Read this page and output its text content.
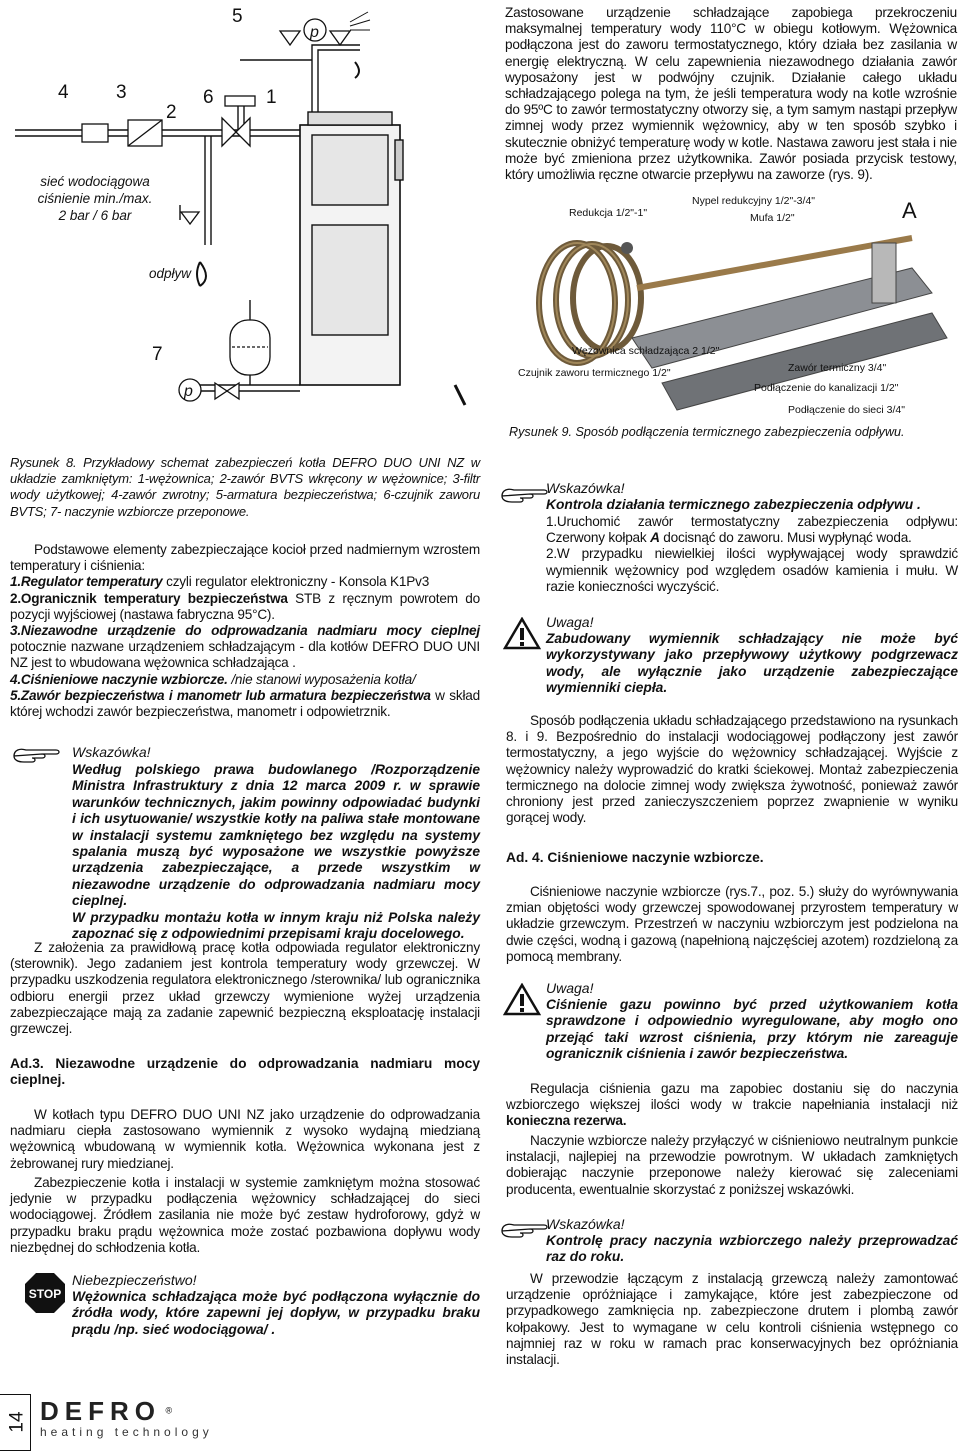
5
p
4 3
2
6	1
7
p
sieć wodociągowa
ciśnienie min./max.
2 bar / 6 bar
odpływ

Zastosowane urządzenie schładzające zapobiega przekroczeniu maksymalnej temperatury wody 110°C w obiegu kotłowym. Wężownica podłączona jest do zaworu termostatycznego, który działa bez zasilania w energię elektryczną. W celu zapewnienia niezawodnego działania zawór wyposażony jest w podwójny czujnik. Działanie całego układu schładzającego polega na tym, że jeśli temperatura wody na kotle wzrośnie do 95ºC to zawór termostatyczny otworzy się, a tym samym nastąpi przepływ zimnej wody przez wymiennik wężownicy, aby w ten sposób szybko i skutecznie obniżyć temperaturę wody w kotle. Nastawa zaworu jest stała i nie może być zmieniona przez użytkownika. Zawór posiada przycisk testowy, który umożliwia ręczne otwarcie przepływu na zaworze (rys. 9).

Redukcja 1/2"-1"
Nypel redukcyjny 1/2"-3/4"
Mufa 1/2"	A
Wężownica schładzająca 2 1/2"
Czujnik zaworu termicznego 1/2"	Zawór termiczny 3/4"
Podłączenie do kanalizacji 1/2"
Podłączenie do sieci 3/4"
Rysunek 9. Sposób podłączenia termicznego zabezpieczenia odpływu.

Rysunek 8. Przykładowy schemat zabezpieczeń kotła DEFRO DUO UNI NZ w układzie zamkniętym: 1-wężownica; 2-zawór BVTS wkręcony w wężownice; 3-filtr wody użytkowej; 4-zawór zwrotny; 5-armatura bezpieczeństwa; 6-czujnik zaworu BVTS; 7- naczynie wzbiorcze przeponowe.

Podstawowe elementy zabezpieczające kocioł przed nadmiernym wzrostem temperatury i ciśnienia:

1.Regulator temperatury czyli regulator elektroniczny - Konsola K1Pv3

2.Ogranicznik temperatury bezpieczeństwa STB z ręcznym powrotem do pozycji wyjściowej (nastawa fabryczna 95°C).

3.Niezawodne urządzenie do odprowadzania nadmiaru mocy cieplnej potocznie nazwane urządzeniem schładzającym - dla kotłów DEFRO DUO UNI NZ jest to wbudowana wężownica schładzająca .

4.Ciśnieniowe naczynie wzbiorcze. /nie stanowi wyposażenia kotła/

5.Zawór bezpieczeństwa i manometr lub armatura bezpieczeństwa w skład której wchodzi zawór bezpieczeństwa, manometr i odpowietrznik.

Wskazówka!

Według polskiego prawa budowlanego /Rozporządzenie Ministra Infrastruktury z dnia 12 marca 2009 r. w sprawie warunków technicznych, jakim powinny odpowiadać budynki i ich usytuowanie/ wszystkie kotły na paliwa stałe montowane w instalacji systemu zamkniętego bez względu na systemy spalania muszą być wyposażone we wszystkie powyższe urządzenia zabezpieczające, a przede wszystkim w niezawodne urządzenie do odprowadzania nadmiaru mocy cieplnej.

W przypadku montażu kotła w innym kraju niż Polska należy zapoznać się z odpowiednimi przepisami kraju docelowego.

Z założenia za prawidłową pracę kotła odpowiada regulator elektroniczny (sterownik). Jego zadaniem jest kontrola temperatury wody grzewczej. W przypadku uszkodzenia regulatora elektronicznego /sterownika/ lub ogranicznika odbioru energii przez układ grzewczy wymienione wyżej urządzenia zabezpieczające mają za zadanie zapewnić bezpieczną eksploatację instalacji grzewczej.

Ad.3. Niezawodne urządzenie do odprowadzania nadmiaru mocy cieplnej.

W kotłach typu DEFRO DUO UNI NZ jako urządzenie do odprowadzania nadmiaru ciepła zastosowano wymiennik z wysoko wydajną miedzianą wężownicą wbudowaną w wymiennik kotła. Wężownica wykonana jest z żebrowanej rury miedzianej.

Zabezpieczenie kotła i instalacji w systemie zamkniętym można stosować jedynie w przypadku podłączenia wężownicy schładzającej do sieci wodociągowej. Źródłem zasilania nie może być zestaw hydroforowy, gdyż w przypadku braku prądu wężownica może zostać pozbawiona dopływu wody niezbędnej do schłodzenia kotła.

STOP
Niebezpieczeństwo!

Wężownica schładzająca może być podłączona wyłącznie do źródła wody, które zapewni jej dopływ, w przypadku braku prądu /np. sieć wodociągowa/ .

Wskazówka!
Kontrola działania termicznego zabezpieczenia odpływu .

1.Uruchomić zawór termostatyczny zabezpieczenia odpływu: Czerwony kołpak A docisnąć do zaworu. Musi wypłynąć woda.

2.W przypadku niewielkiej ilości wypływającej wody sprawdzić wymiennik wężownicy pod względem osadów kamienia i mułu. W razie konieczności wyczyścić.

Uwaga!

Zabudowany wymiennik schładzający nie może być wykorzystywany jako przepływowy użytkowy podgrzewacz wody, ale wyłącznie jako urządzenie zabezpieczające wymienniki ciepła.

Sposób podłączenia układu schładzającego przedstawiono na rysunkach 8. i 9. Bezpośrednio do instalacji wodociągowej podłączony jest zawór termostatyczny, a jego wyjście do wężownicy schładzającej. Wyjście z wężownicy należy wyprowadzić do kratki ściekowej. Montaż zabezpieczenia termicznego na dolocie zimnej wody zwiększa żywotność, ponieważ zawór chroniony jest przed zanieczyszczeniem poprzez zwapnienie w wyniku gorącej wody.

Ad. 4. Ciśnieniowe naczynie wzbiorcze.

Ciśnieniowe naczynie wzbiorcze (rys.7., poz. 5.) służy do wyrównywania zmian objętości wody grzewczej spowodowanej przyrostem temperatury w układzie grzewczym. Przestrzeń w naczyniu wzbiorczym jest podzielona na dwie części, wodną i gazową (napełnioną najczęściej azotem) rozdzieloną za pomocą membrany.

Uwaga!

Ciśnienie gazu powinno być przed użytkowaniem kotła sprawdzone i odpowiednio wyregulowane, aby mogło ono przejąć taki wzrost ciśnienia, przy którym nie zareaguje ogranicznik ciśnienia i zawór bezpieczeństwa.

Regulacja ciśnienia gazu ma zapobiec dostaniu się do naczynia wzbiorczego większej ilości wody w trakcie napełniania instalacji niż konieczna rezerwa.

Naczynie wzbiorcze należy przyłączyć w ciśnieniowo neutralnym punkcie instalacji, najlepiej na przewodzie powrotnym. W układach zamkniętych dobierając naczynie przeponowe należy kierować się zaleceniami producenta, ewentualnie skorzystać z poniższej wskazówki.

Wskazówka!

Kontrolę pracy naczynia wzbiorczego należy przeprowadzać raz do roku.

W przewodzie łączącym z instalacją grzewczą należy zamontować urządzenie opróżniające i zamykające, które jest zabezpieczone od przypadkowego zamknięcia np. zabezpieczone drutem i plombą zawór kołpakowy. Jest to wymagane w celu kontroli ciśnienia wstępnego co najmniej raz w roku w ramach prac konserwacyjnych bez opróżniania instalacji.

14 DEFRO ®
heating technology
